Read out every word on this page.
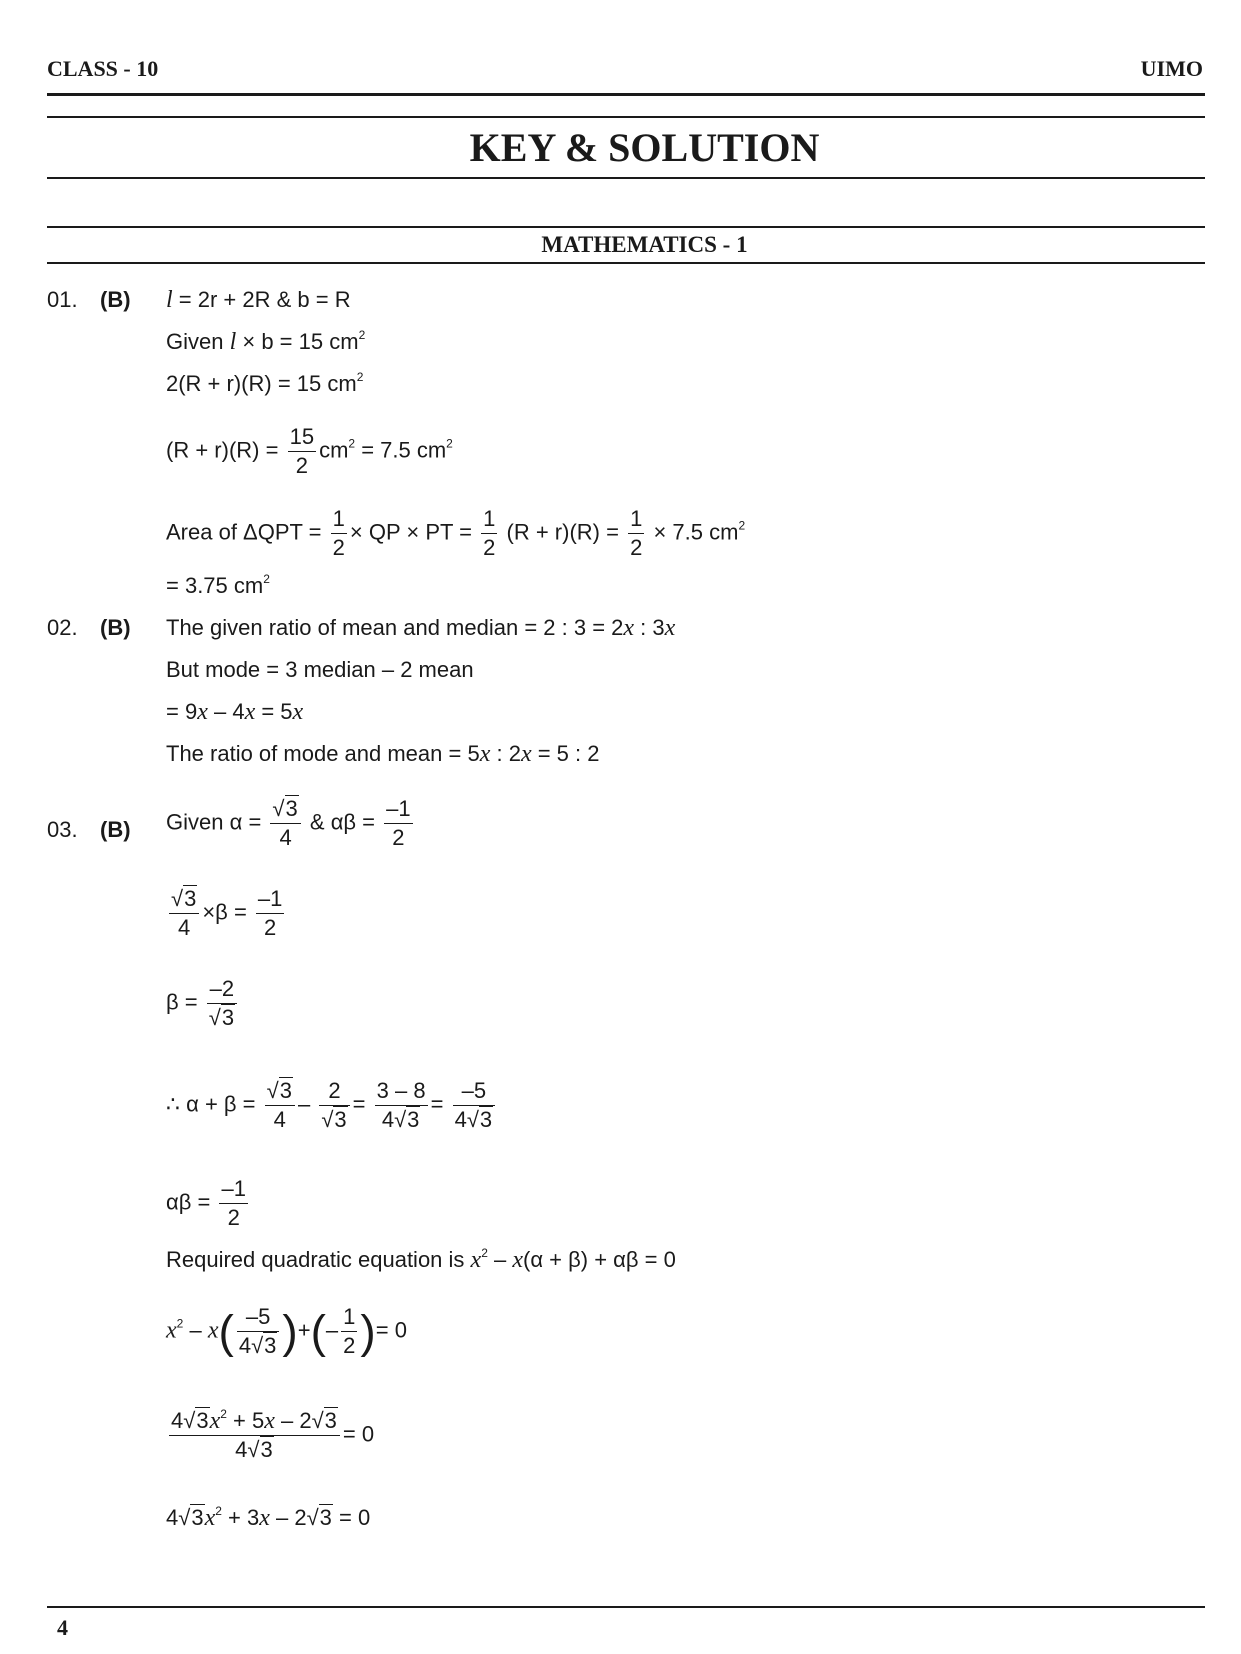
CLASS - 10	UIMO
KEY & SOLUTION
MATHEMATICS - 1
01. (B) l = 2r + 2R & b = R
Given l × b = 15 $cm^2$
2(R + r)(R) = 15 $cm^2$
$(R + r)(R) = \frac{15}{2} cm^2 = 7.5$ $cm^2$
Area of $\Delta QPT = \frac{1}{2}$ × QP × PT = $\frac{1}{2} (R + r)(R) = \frac{1}{2} \times 7.5$ $cm^2$
= 3.75 $cm^2$
02. (B) The given ratio of mean and median = 2 : 3 = 2x : 3x
But mode = 3 median – 2 mean
= 9x – 4x = 5x
The ratio of mode and mean = 5x : 2x = 5 : 2
03. (B) Given $\alpha = \frac{√3}{4}$ & $\alpha\beta = \frac{-1}{2}$
$\frac{√3}{4} \times\beta = \frac{-1}{2}$
$\beta = \frac{-2}{√3}$
∴ $\alpha + \beta = \frac{√3}{4} - \frac{2}{√3} = \frac{3 - 8}{4√3} = \frac{-5}{4√3}$
$\alpha\beta = \frac{-1}{2}$
Required quadratic equation is $x^2 - x(\alpha + \beta) + \alpha\beta = 0$
$x^2 - x( \frac{-5}{4√3}$ )+(– $\frac{1}{2}$ )= 0
$\frac{4√3x^2 + 5x - 2√3}{4√3} = 0$
$4√3x^2 + 3x - 2√3 = 0$
4
